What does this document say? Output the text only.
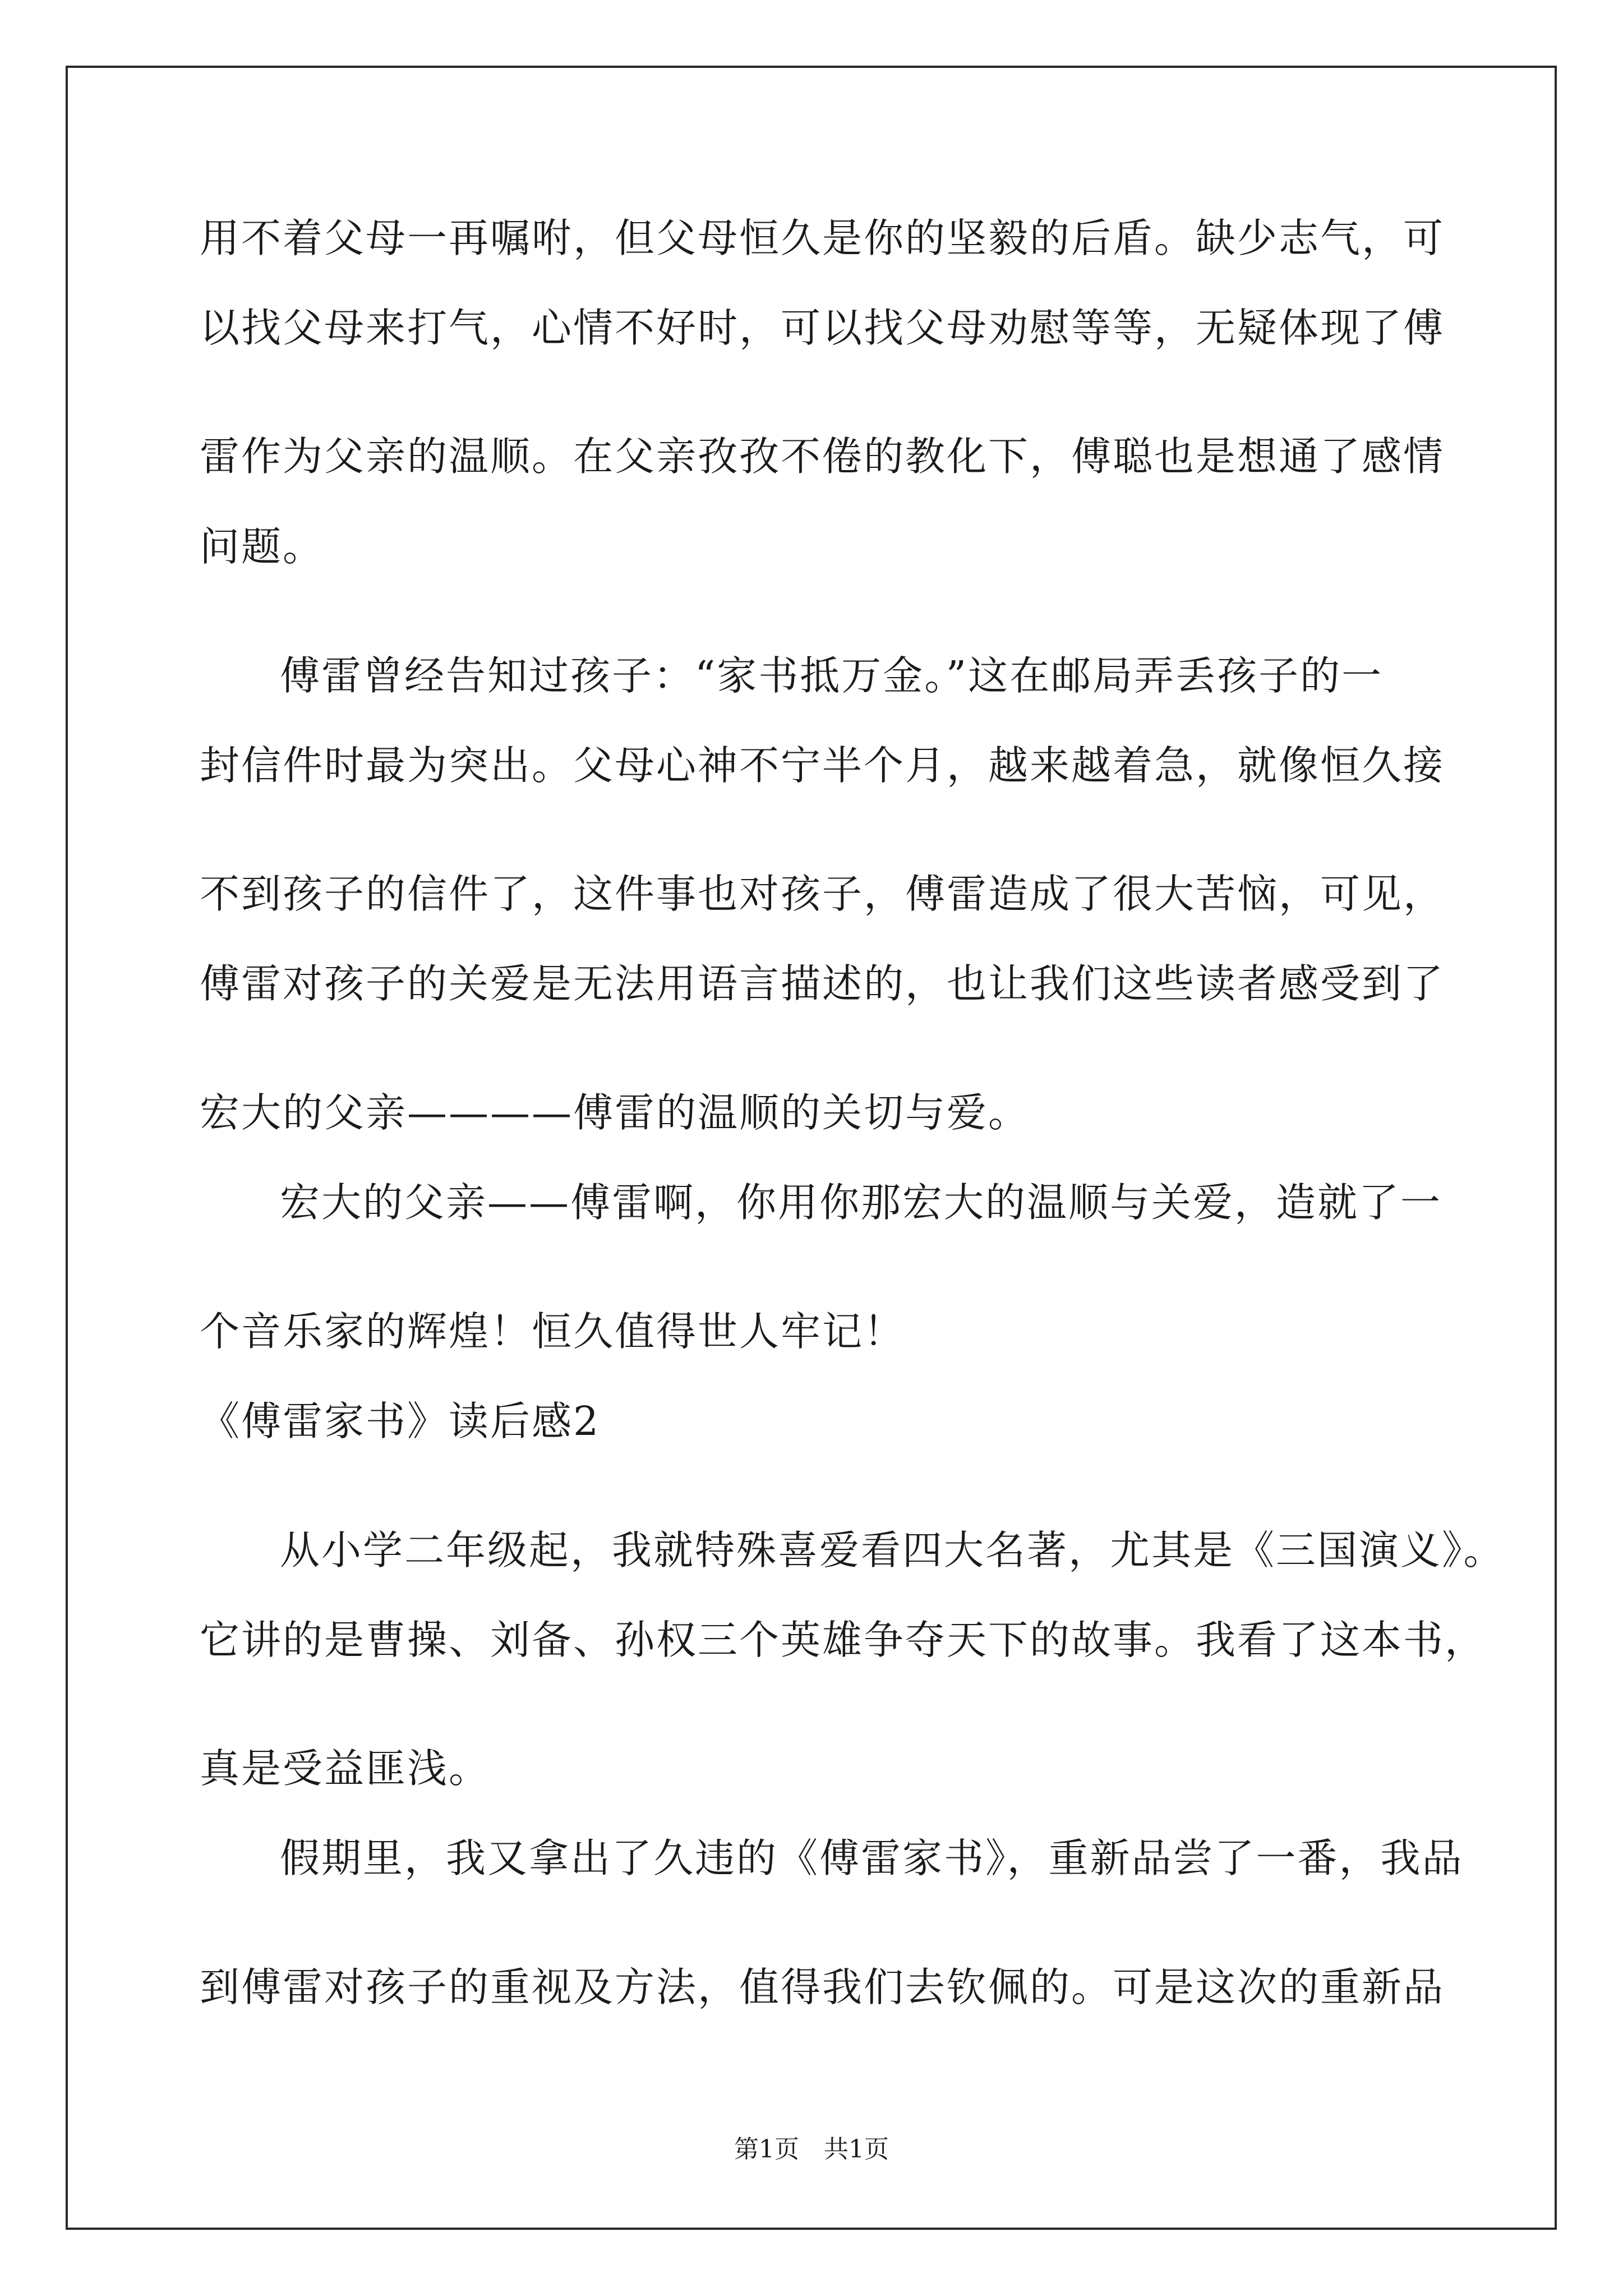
用不着父母一再嘱咐，但父母恒久是你的坚毅的后盾。缺少志气，可
以找父母来打气，心情不好时，可以找父母劝慰等等，无疑体现了傅
雷作为父亲的温顺。在父亲孜孜不倦的教化下，傅聪也是想通了感情
问题。
傅雷曾经告知过孩子：“家书抵万金。”这在邮局弄丢孩子的一
封信件时最为突出。父母心神不宁半个月，越来越着急，就像恒久接
不到孩子的信件了，这件事也对孩子，傅雷造成了很大苦恼，可见，
傅雷对孩子的关爱是无法用语言描述的，也让我们这些读者感受到了
宏大的父亲————傅雷的温顺的关切与爱。
宏大的父亲——傅雷啊，你用你那宏大的温顺与关爱，造就了一
个音乐家的辉煌！恒久值得世人牢记！
《傅雷家书》读后感2
从小学二年级起，我就特殊喜爱看四大名著，尤其是《三国演义》。
它讲的是曹操、刘备、孙权三个英雄争夺天下的故事。我看了这本书，
真是受益匪浅。
假期里，我又拿出了久违的《傅雷家书》，重新品尝了一番，我品
到傅雷对孩子的重视及方法，值得我们去钦佩的。可是这次的重新品
第1页　共1页
